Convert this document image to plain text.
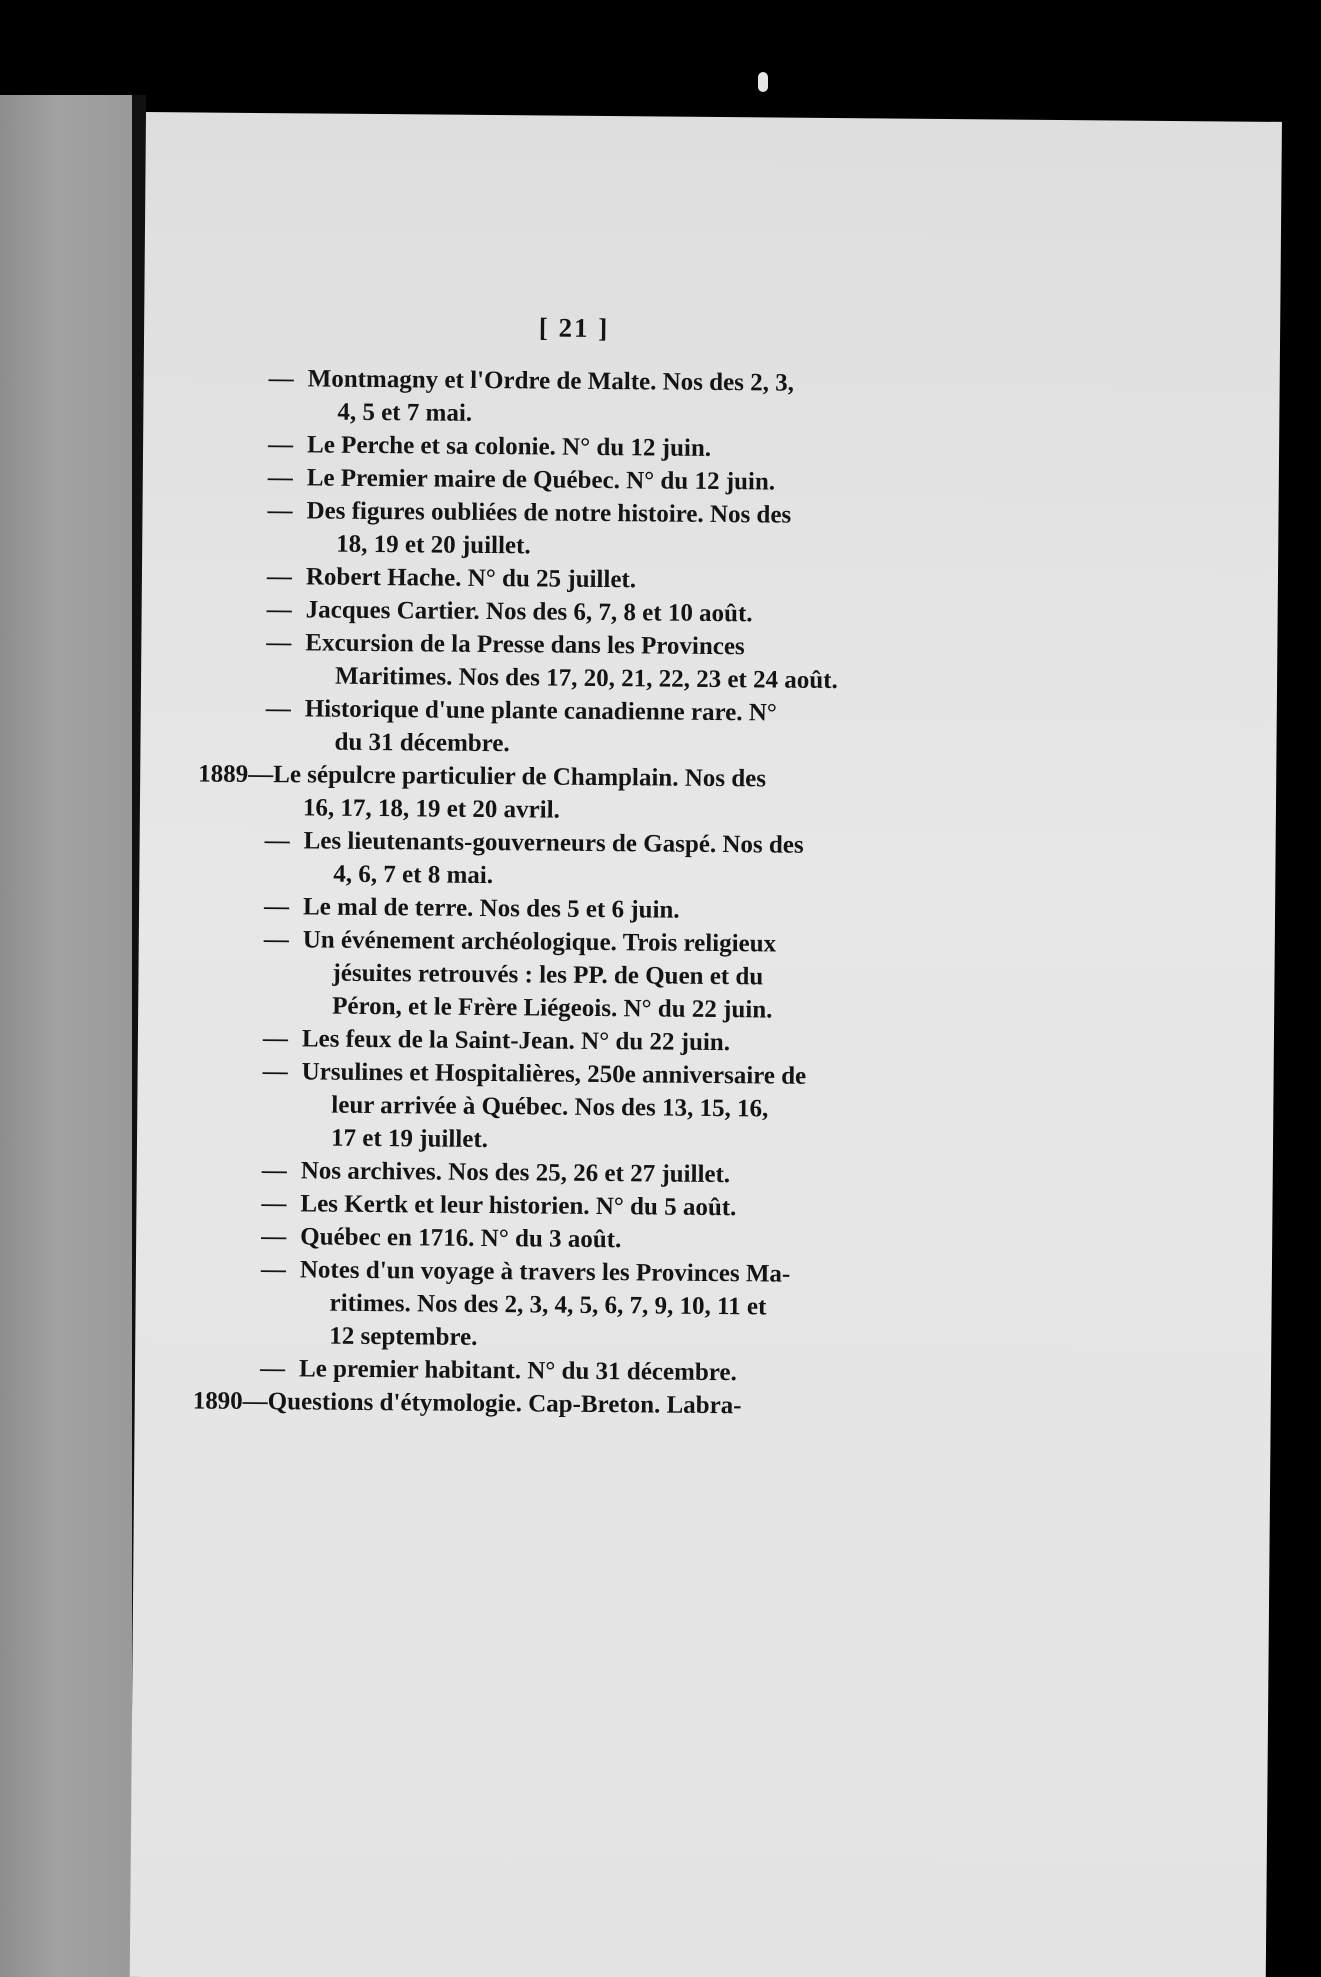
[ 21 ]
— Montmagny et l'Ordre de Malte. Nos des 2, 3,
4, 5 et 7 mai.
— Le Perche et sa colonie. N° du 12 juin.
— Le Premier maire de Québec. N° du 12 juin.
— Des figures oubliées de notre histoire. Nos des
18, 19 et 20 juillet.
— Robert Hache. N° du 25 juillet.
— Jacques Cartier. Nos des 6, 7, 8 et 10 août.
— Excursion de la Presse dans les Provinces
Maritimes. Nos des 17, 20, 21, 22, 23 et 24 août.
— Historique d'une plante canadienne rare. N°
du 31 décembre.
1889— Le sépulcre particulier de Champlain. Nos des
16, 17, 18, 19 et 20 avril.
— Les lieutenants-gouverneurs de Gaspé. Nos des
4, 6, 7 et 8 mai.
— Le mal de terre. Nos des 5 et 6 juin.
— Un événement archéologique. Trois religieux
jésuites retrouvés : les PP. de Quen et du
Péron, et le Frère Liégeois. N° du 22 juin.
— Les feux de la Saint-Jean. N° du 22 juin.
— Ursulines et Hospitalières, 250e anniversaire de
leur arrivée à Québec. Nos des 13, 15, 16,
17 et 19 juillet.
— Nos archives. Nos des 25, 26 et 27 juillet.
— Les Kertk et leur historien. N° du 5 août.
— Québec en 1716. N° du 3 août.
— Notes d'un voyage à travers les Provinces Ma-
ritimes. Nos des 2, 3, 4, 5, 6, 7, 9, 10, 11 et
12 septembre.
— Le premier habitant. N° du 31 décembre.
1890— Questions d'étymologie. Cap-Breton. Labra-
